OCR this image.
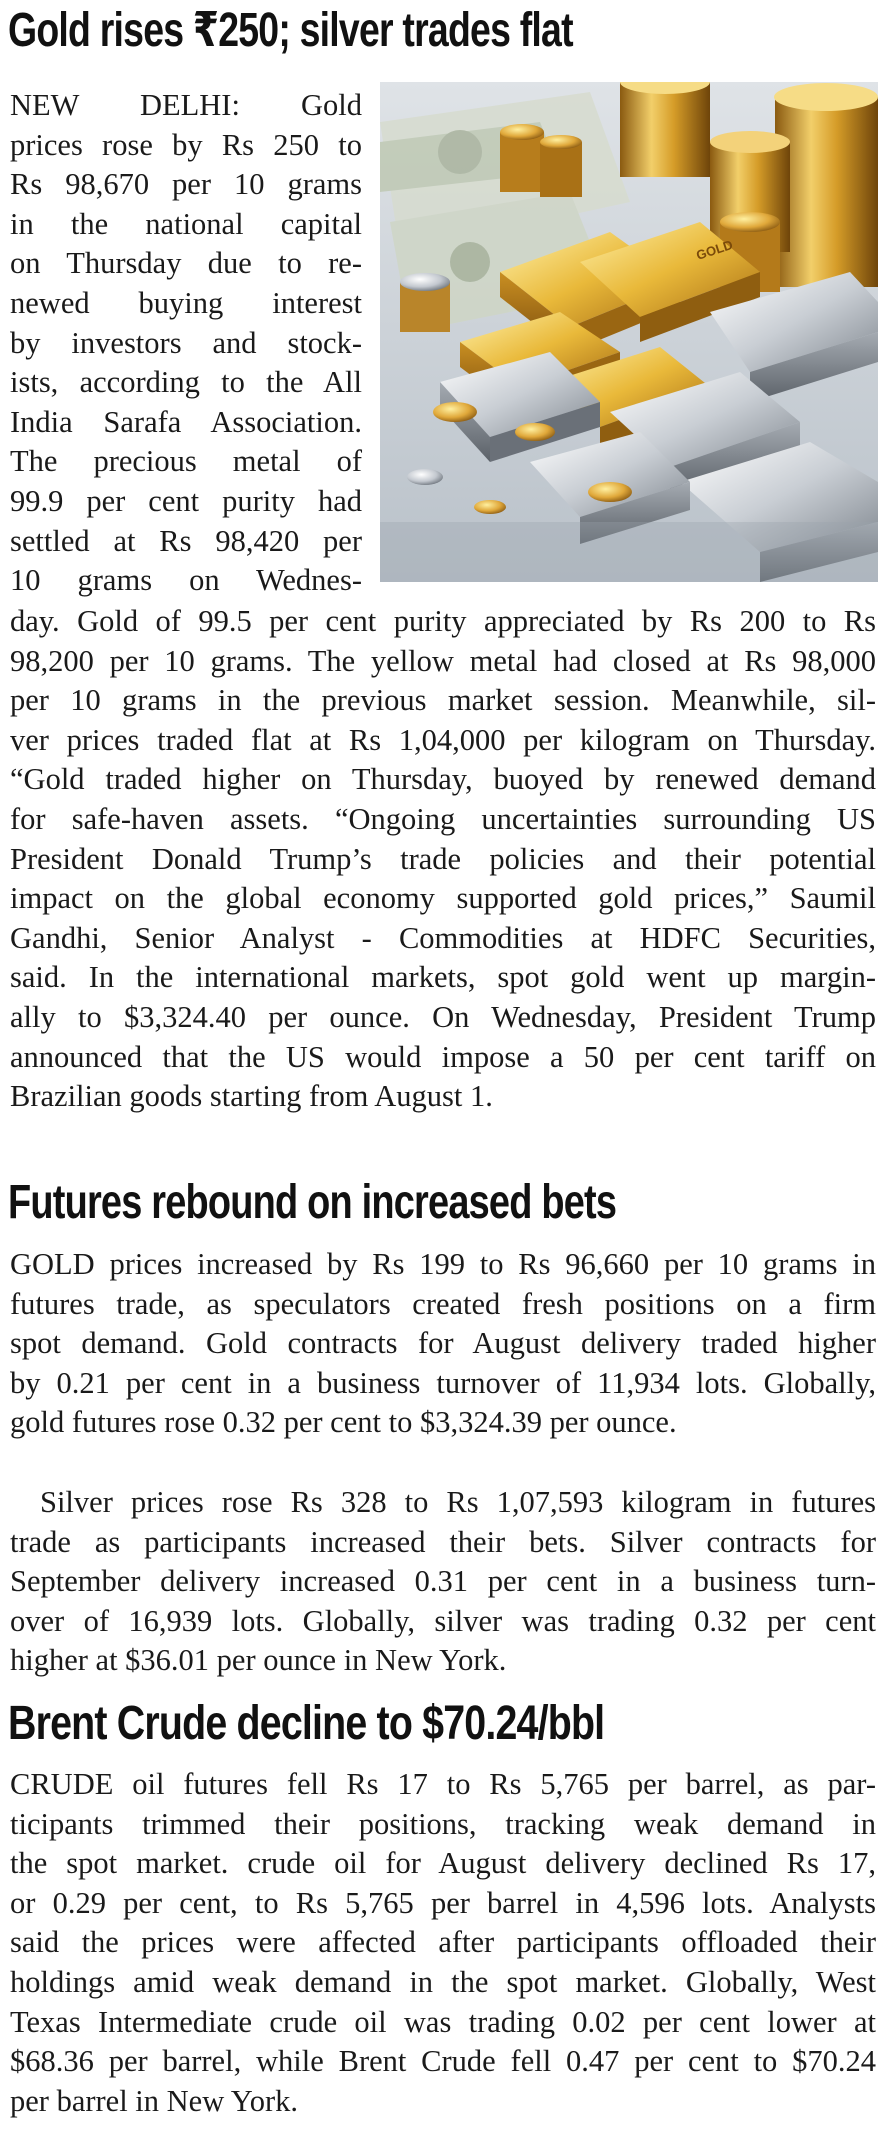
Gold rises ₹250; silver trades flat
NEW DELHI: Gold
prices rose by Rs 250 to
Rs 98,670 per 10 grams
in the national capital
on Thursday due to re-
newed buying interest
by investors and stock-
ists, according to the All
India Sarafa Association.
The precious metal of
99.9 per cent purity had
settled at Rs 98,420 per
10 grams on Wednes-
GOLD
day. Gold of 99.5 per cent purity appreciated by Rs 200 to Rs
98,200 per 10 grams. The yellow metal had closed at Rs 98,000
per 10 grams in the previous market session. Meanwhile, sil-
ver prices traded flat at Rs 1,04,000 per kilogram on Thursday.
“Gold traded higher on Thursday, buoyed by renewed demand
for safe-haven assets. “Ongoing uncertainties surrounding US
President Donald Trump’s trade policies and their potential
impact on the global economy supported gold prices,” Saumil
Gandhi, Senior Analyst - Commodities at HDFC Securities,
said. In the international markets, spot gold went up margin-
ally to $3,324.40 per ounce. On Wednesday, President Trump
announced that the US would impose a 50 per cent tariff on
Brazilian goods starting from August 1.
Futures rebound on increased bets
GOLD prices increased by Rs 199 to Rs 96,660 per 10 grams in
futures trade, as speculators created fresh positions on a firm
spot demand. Gold contracts for August delivery traded higher
by 0.21 per cent in a business turnover of 11,934 lots. Globally,
gold futures rose 0.32 per cent to $3,324.39 per ounce.
Silver prices rose Rs 328 to Rs 1,07,593 kilogram in futures
trade as participants increased their bets. Silver contracts for
September delivery increased 0.31 per cent in a business turn-
over of 16,939 lots. Globally, silver was trading 0.32 per cent
higher at $36.01 per ounce in New York.
Brent Crude decline to $70.24/bbl
CRUDE oil futures fell Rs 17 to Rs 5,765 per barrel, as par-
ticipants trimmed their positions, tracking weak demand in
the spot market. crude oil for August delivery declined Rs 17,
or 0.29 per cent, to Rs 5,765 per barrel in 4,596 lots. Analysts
said the prices were affected after participants offloaded their
holdings amid weak demand in the spot market. Globally, West
Texas Intermediate crude oil was trading 0.02 per cent lower at
$68.36 per barrel, while Brent Crude fell 0.47 per cent to $70.24
per barrel in New York.
